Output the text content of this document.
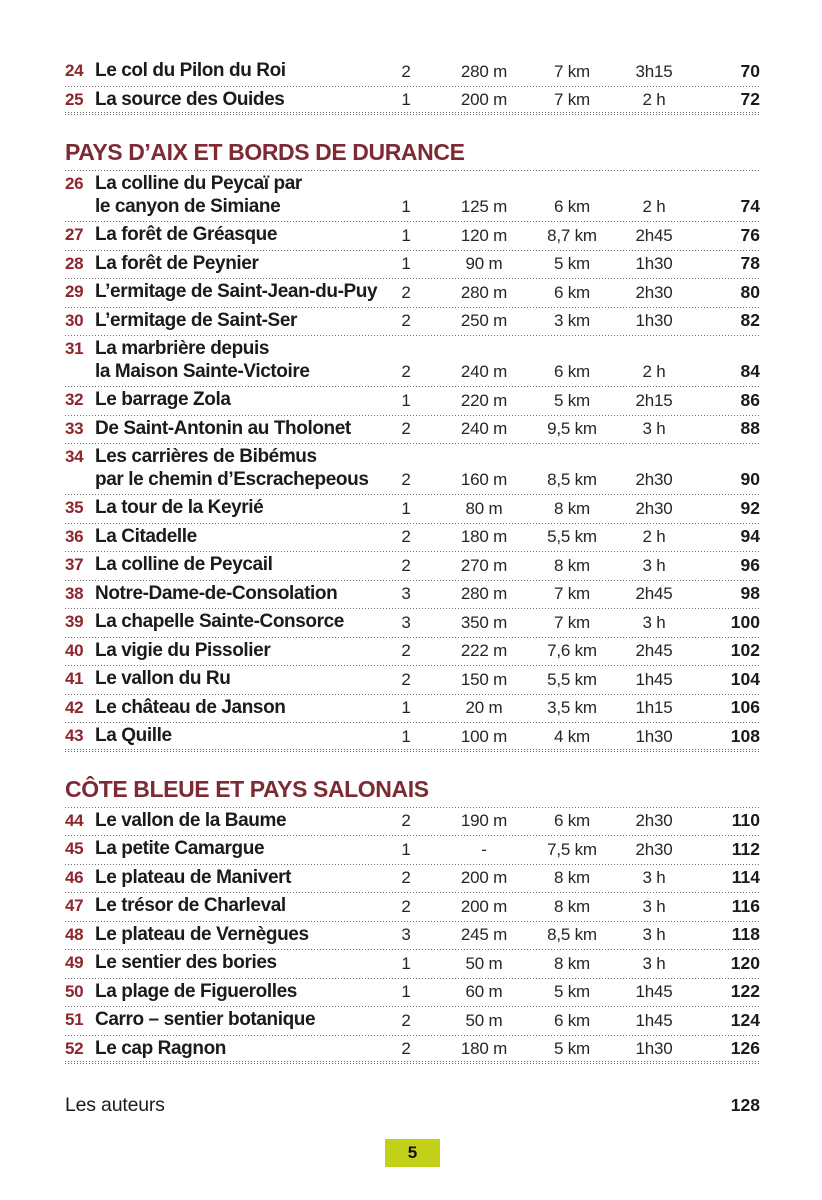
24 Le col du Pilon du Roi	2	280 m	7 km	3h15	70
25 La source des Ouides	1	200 m	7 km	2 h	72
PAYS D’AIX ET BORDS DE DURANCE
26 La colline du Peycaï par
le canyon de Simiane	1	125 m	6 km	2 h	74
27 La forêt de Gréasque	1	120 m	8,7 km	2h45	76
28 La forêt de Peynier	1	90 m	5 km	1h30	78
29 L’ermitage de Saint-Jean-du-Puy	2	280 m	6 km	2h30	80
30 L’ermitage de Saint-Ser	2	250 m	3 km	1h30	82
31 La marbrière depuis
la Maison Sainte-Victoire	2	240 m	6 km	2 h	84
32 Le barrage Zola	1	220 m	5 km	2h15	86
33 De Saint-Antonin au Tholonet	2	240 m	9,5 km	3 h	88
34 Les carrières de Bibémus
par le chemin d’Escrachepeous	2	160 m	8,5 km	2h30	90
35 La tour de la Keyrié	1	80 m	8 km	2h30	92
36 La Citadelle	2	180 m	5,5 km	2 h	94
37 La colline de Peycail	2	270 m	8 km	3 h	96
38 Notre-Dame-de-Consolation	3	280 m	7 km	2h45	98
39 La chapelle Sainte-Consorce	3	350 m	7 km	3 h	100
40 La vigie du Pissolier	2	222 m	7,6 km	2h45	102
41 Le vallon du Ru	2	150 m	5,5 km	1h45	104
42 Le château de Janson	1	20 m	3,5 km	1h15	106
43 La Quille	1	100 m	4 km	1h30	108
CÔTE BLEUE ET PAYS SALONAIS
44 Le vallon de la Baume	2	190 m	6 km	2h30	110
45 La petite Camargue	1	-	7,5 km	2h30	112
46 Le plateau de Manivert	2	200 m	8 km	3 h	114
47 Le trésor de Charleval	2	200 m	8 km	3 h	116
48 Le plateau de Vernègues	3	245 m	8,5 km	3 h	118
49 Le sentier des bories	1	50 m	8 km	3 h	120
50 La plage de Figuerolles	1	60 m	5 km	1h45	122
51 Carro – sentier botanique	2	50 m	6 km	1h45	124
52 Le cap Ragnon	2	180 m	5 km	1h30	126
Les auteurs	128
5
